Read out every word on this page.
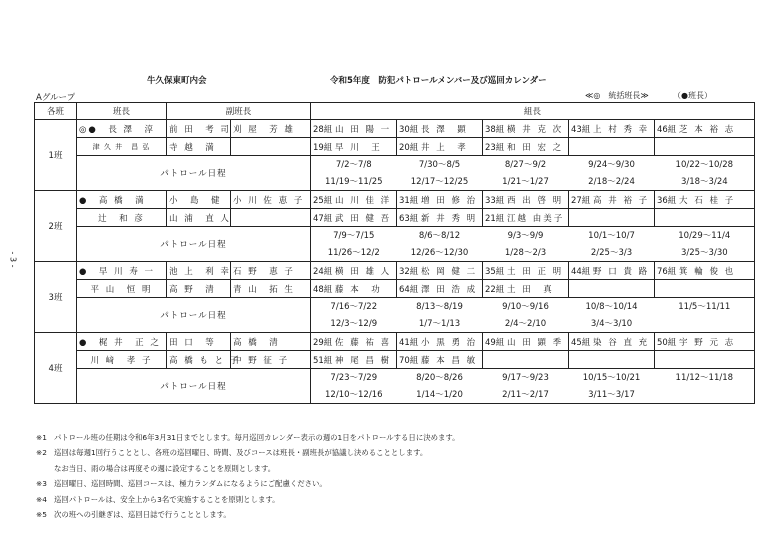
牛久保東町内会	令和5年度　防犯パトロールメンバー及び巡回カレンダー
Aグループ	≪◎　統括班長≫	（●班長）
- 3 -
各班	班長	副班長		組長				
1班	◎●　長 澤　淳	前 田　考 司	刈 屋　芳 雄	28組 山 田 陽 一	30組 長 澤　顕	38組 横 井 克 次	43組 上 村 秀 幸	46組 芝 本 裕 志
	津 久 井　昌 弘	寺 越　満		19組 早 川　王	20組 井 上　孝	23組 和 田 宏 之		
	パトロール日程			7/2～7/8	7/30～8/5	8/27～9/2	9/24～9/30	10/22～10/28
				11/19～11/25	12/17～12/25	1/21～1/27	2/18～2/24	3/18～3/24
2班	●　高 橋　満	小　島　健	小 川 佐 恵 子	25組 山 川 佳 洋	31組 増 田 修 治	33組 西 出 啓 明	27組 高 井 裕 子	36組 大 石 桂 子
	辻　和 彦	山 浦　直 人		47組 武 田 健 吾	63組 新 井 秀 明	21組 江越 由美子		
	パトロール日程			7/9～7/15	8/6～8/12	9/3～9/9	10/1～10/7	10/29～11/4
				11/26～12/2	12/26～12/30	1/28～2/3	2/25～3/3	3/25～3/30
3班	●　早 川 寿 一	池 上　利 幸	石 野　恵 子	24組 横 田 雄 人	32組 松 岡 健 二	35組 土 田 正 明	44組 野 口 貴 路	76組 箕 輪 俊 也
	平 山　恒 明	高 野　清	青 山　拓 生	48組 藤 本　功	64組 澤 田 浩 成	22組 土 田　真		
	パトロール日程			7/16～7/22	8/13～8/19	9/10～9/16	10/8～10/14	11/5～11/11
				12/3～12/9	1/7～1/13	2/4～2/10	3/4～3/10	
4班	●　梶 井　正 之	田 口　等	高 橋　清	29組 佐 藤 祐 喜	41組 小 黒 勇 治	49組 山 田 顕 季	45組 染 谷 直 充	50組 宇 野 元 志
	川 﨑　孝 子	高 橋 も と 子	中 野 征 子	51組 神 尾 昌 樹	70組 藤 本 昌 敏			
	パトロール日程			7/23～7/29	8/20～8/26	9/17～9/23	10/15～10/21	11/12～11/18
				12/10～12/16	1/14～1/20	2/11～2/17	3/11～3/17	
※1 パトロール班の任期は令和6年3月31日までとします。毎月巡回カレンダー表示の週の1日をパトロールする日に決めます。
※2 巡回は毎週1回行うこととし、各班の巡回曜日、時間、及びコースは班長・副班長が協議し決めることとします。
なお当日、雨の場合は再度その週に設定することを原則とします。
※3 巡回曜日、巡回時間、巡回コースは、極力ランダムになるようにご配慮ください。
※4 巡回パトロールは、安全上から3名で実施することを原則とします。
※5 次の班への引継ぎは、巡回日誌で行うこととします。
